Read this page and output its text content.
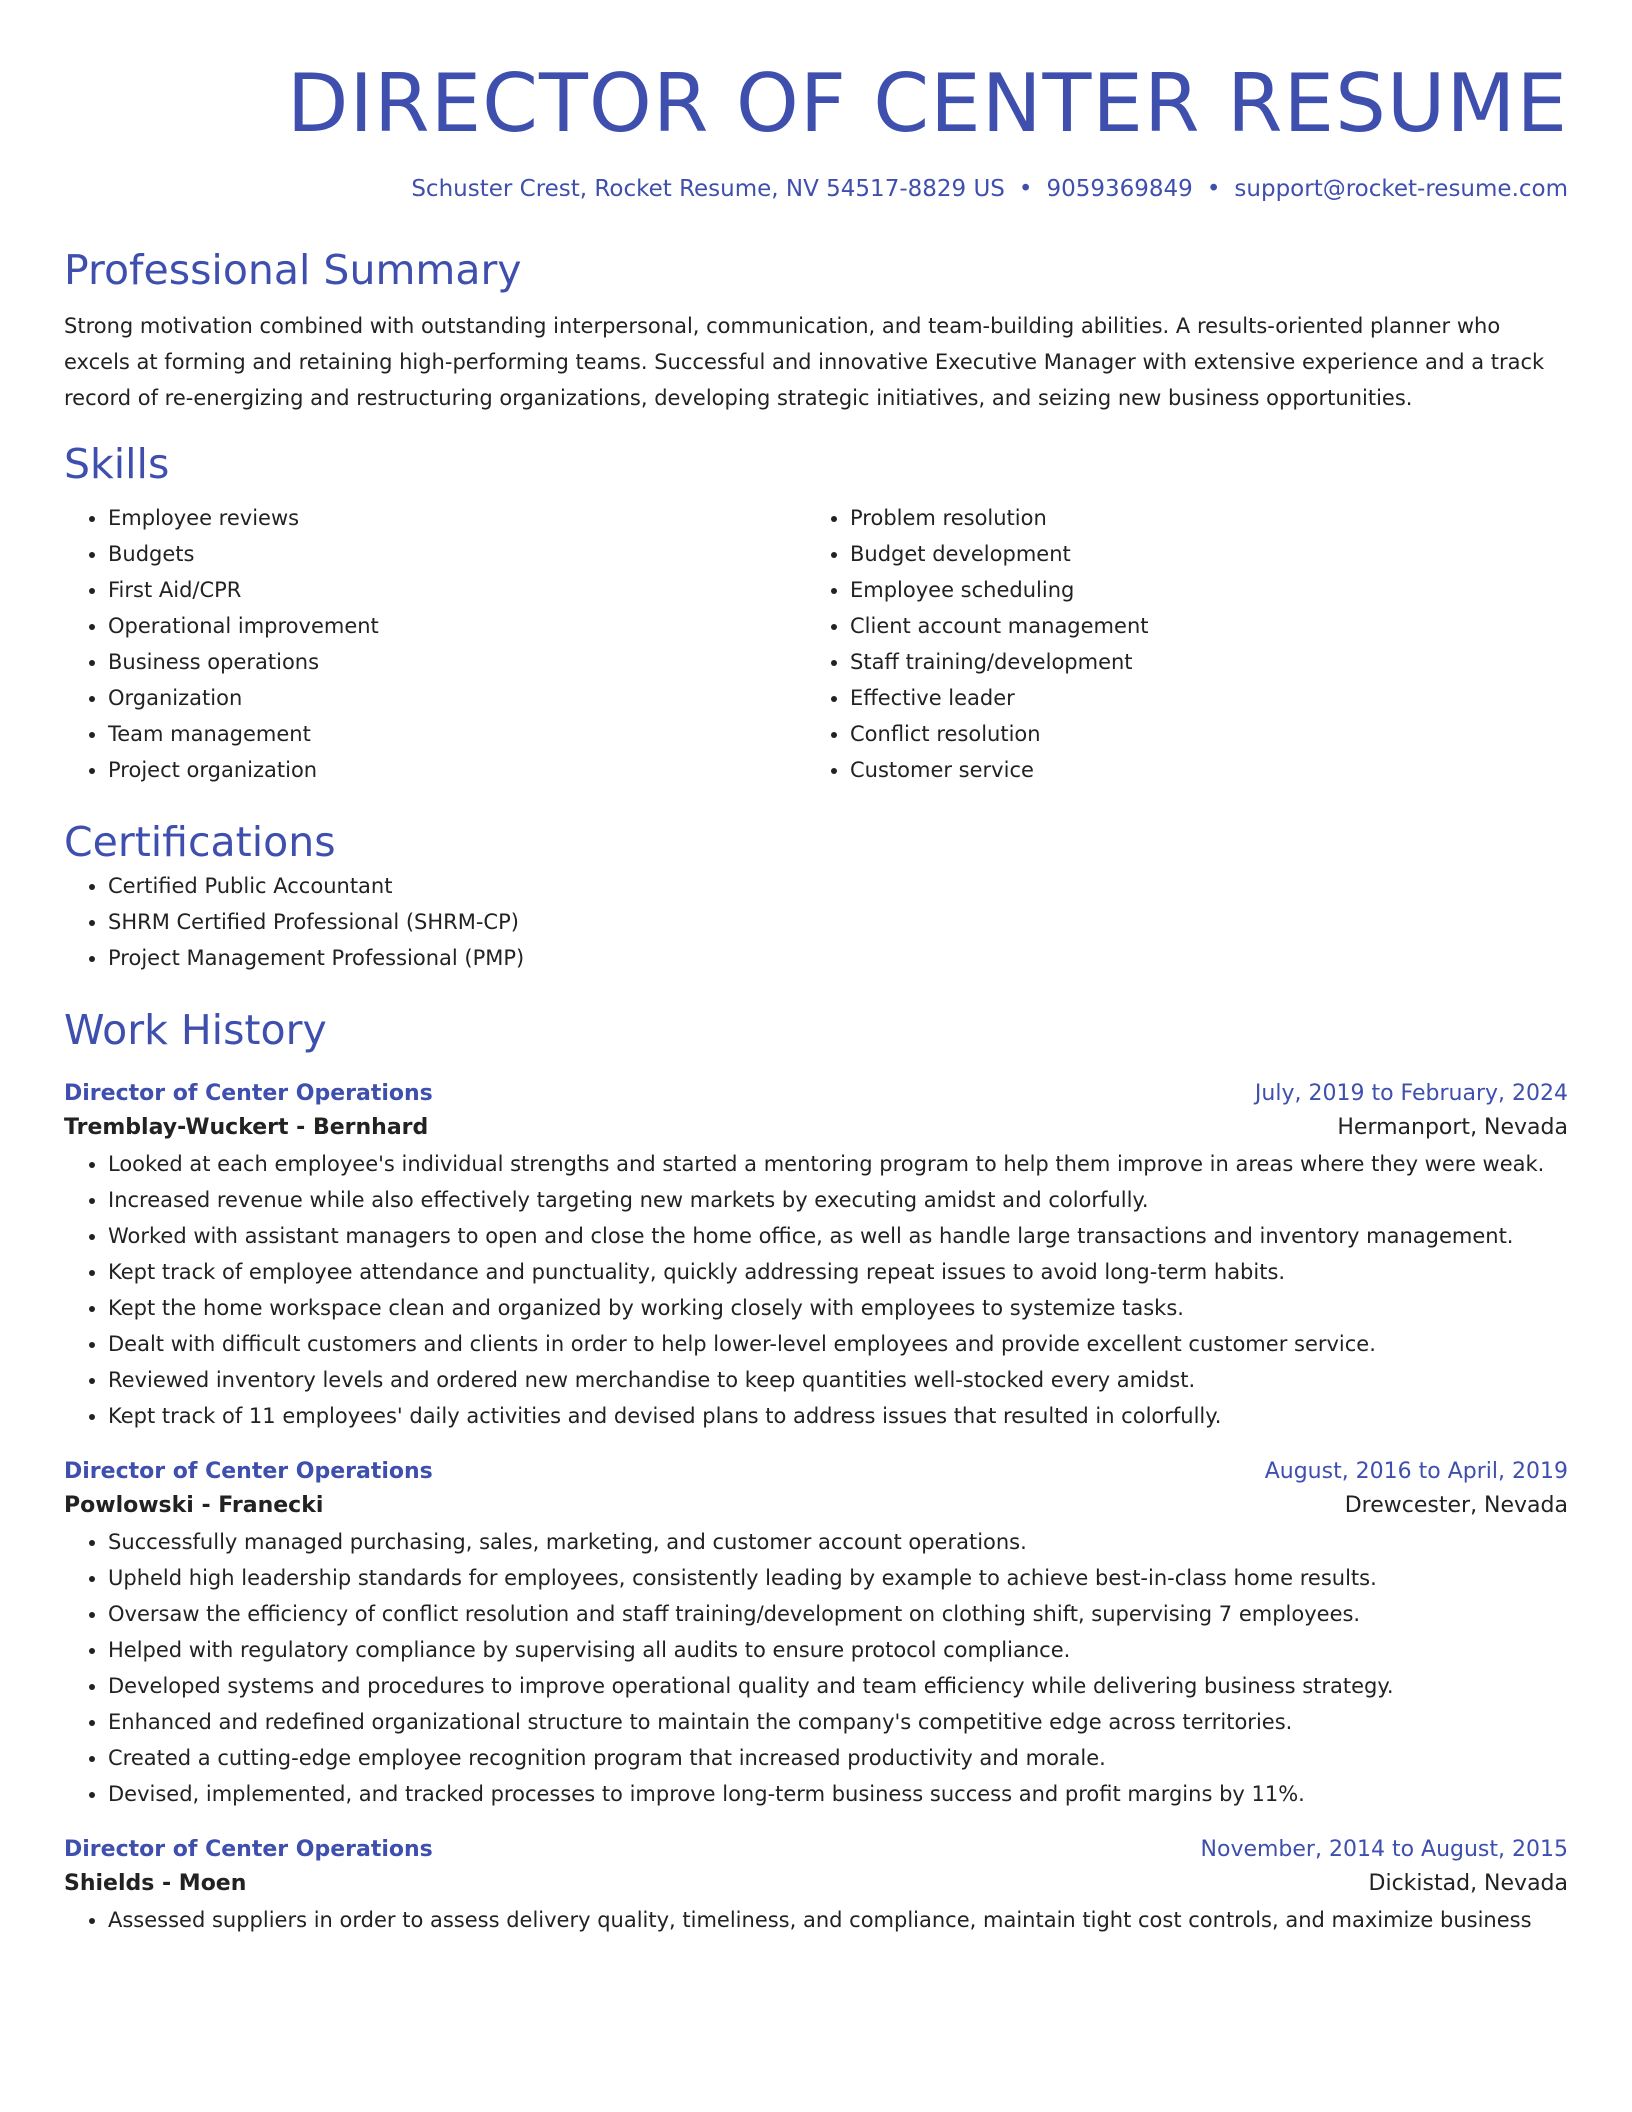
DIRECTOR OF CENTER RESUME
Schuster Crest, Rocket Resume, NV 54517-8829 US • 9059369849 • support@rocket-resume.com
Professional Summary
Strong motivation combined with outstanding interpersonal, communication, and team-building abilities. A results-oriented planner who excels at forming and retaining high-performing teams. Successful and innovative Executive Manager with extensive experience and a track record of re-energizing and restructuring organizations, developing strategic initiatives, and seizing new business opportunities.
Skills
• Employee reviews
• Budgets
• First Aid/CPR
• Operational improvement
• Business operations
• Organization
• Team management
• Project organization
• Problem resolution
• Budget development
• Employee scheduling
• Client account management
• Staff training/development
• Effective leader
• Conflict resolution
• Customer service
Certifications
• Certified Public Accountant
• SHRM Certified Professional (SHRM-CP)
• Project Management Professional (PMP)
Work History
Director of Center Operations	July, 2019 to February, 2024
Tremblay-Wuckert - Bernhard	Hermanport, Nevada
• Looked at each employee's individual strengths and started a mentoring program to help them improve in areas where they were weak.
• Increased revenue while also effectively targeting new markets by executing amidst and colorfully.
• Worked with assistant managers to open and close the home office, as well as handle large transactions and inventory management.
• Kept track of employee attendance and punctuality, quickly addressing repeat issues to avoid long-term habits.
• Kept the home workspace clean and organized by working closely with employees to systemize tasks.
• Dealt with difficult customers and clients in order to help lower-level employees and provide excellent customer service.
• Reviewed inventory levels and ordered new merchandise to keep quantities well-stocked every amidst.
• Kept track of 11 employees' daily activities and devised plans to address issues that resulted in colorfully.
Director of Center Operations	August, 2016 to April, 2019
Powlowski - Franecki	Drewcester, Nevada
• Successfully managed purchasing, sales, marketing, and customer account operations.
• Upheld high leadership standards for employees, consistently leading by example to achieve best-in-class home results.
• Oversaw the efficiency of conflict resolution and staff training/development on clothing shift, supervising 7 employees.
• Helped with regulatory compliance by supervising all audits to ensure protocol compliance.
• Developed systems and procedures to improve operational quality and team efficiency while delivering business strategy.
• Enhanced and redefined organizational structure to maintain the company's competitive edge across territories.
• Created a cutting-edge employee recognition program that increased productivity and morale.
• Devised, implemented, and tracked processes to improve long-term business success and profit margins by 11%.
Director of Center Operations	November, 2014 to August, 2015
Shields - Moen	Dickistad, Nevada
• Assessed suppliers in order to assess delivery quality, timeliness, and compliance, maintain tight cost controls, and maximize business
